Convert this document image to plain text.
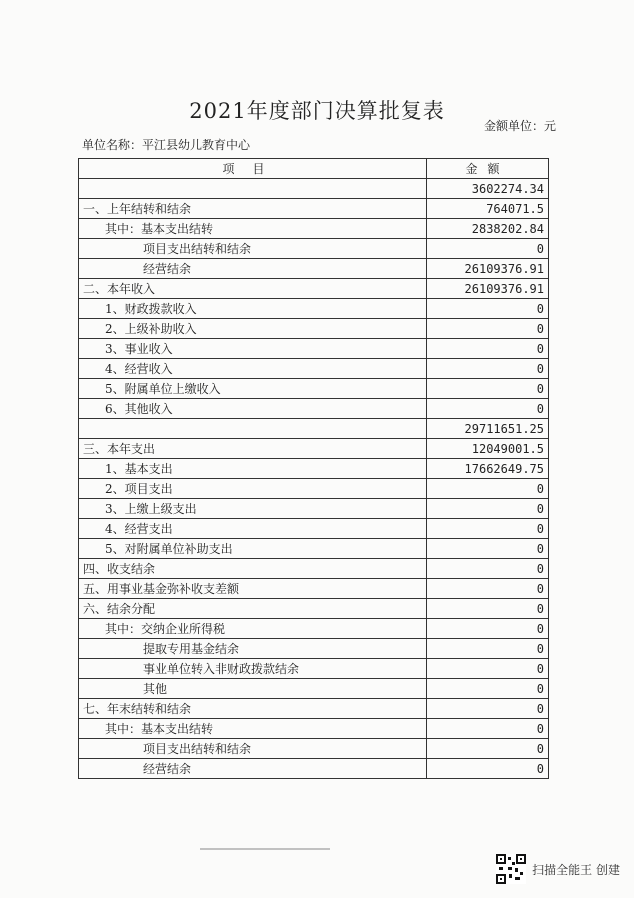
2021年度部门决算批复表
金额单位：元
单位名称：平江县幼儿教育中心
项目	金额
	3602274.34
一、上年结转和结余	764071.5
其中：基本支出结转	2838202.84
项目支出结转和结余	0
经营结余	26109376.91
二、本年收入	26109376.91
1、财政拨款收入	0
2、上级补助收入	0
3、事业收入	0
4、经营收入	0
5、附属单位上缴收入	0
6、其他收入	0
	29711651.25
三、本年支出	12049001.5
1、基本支出	17662649.75
2、项目支出	0
3、上缴上级支出	0
4、经营支出	0
5、对附属单位补助支出	0
四、收支结余	0
五、用事业基金弥补收支差额	0
六、结余分配	0
其中：交纳企业所得税	0
提取专用基金结余	0
事业单位转入非财政拨款结余	0
其他	0
七、年末结转和结余	0
其中：基本支出结转	0
项目支出结转和结余	0
经营结余	0
扫描全能王 创建
